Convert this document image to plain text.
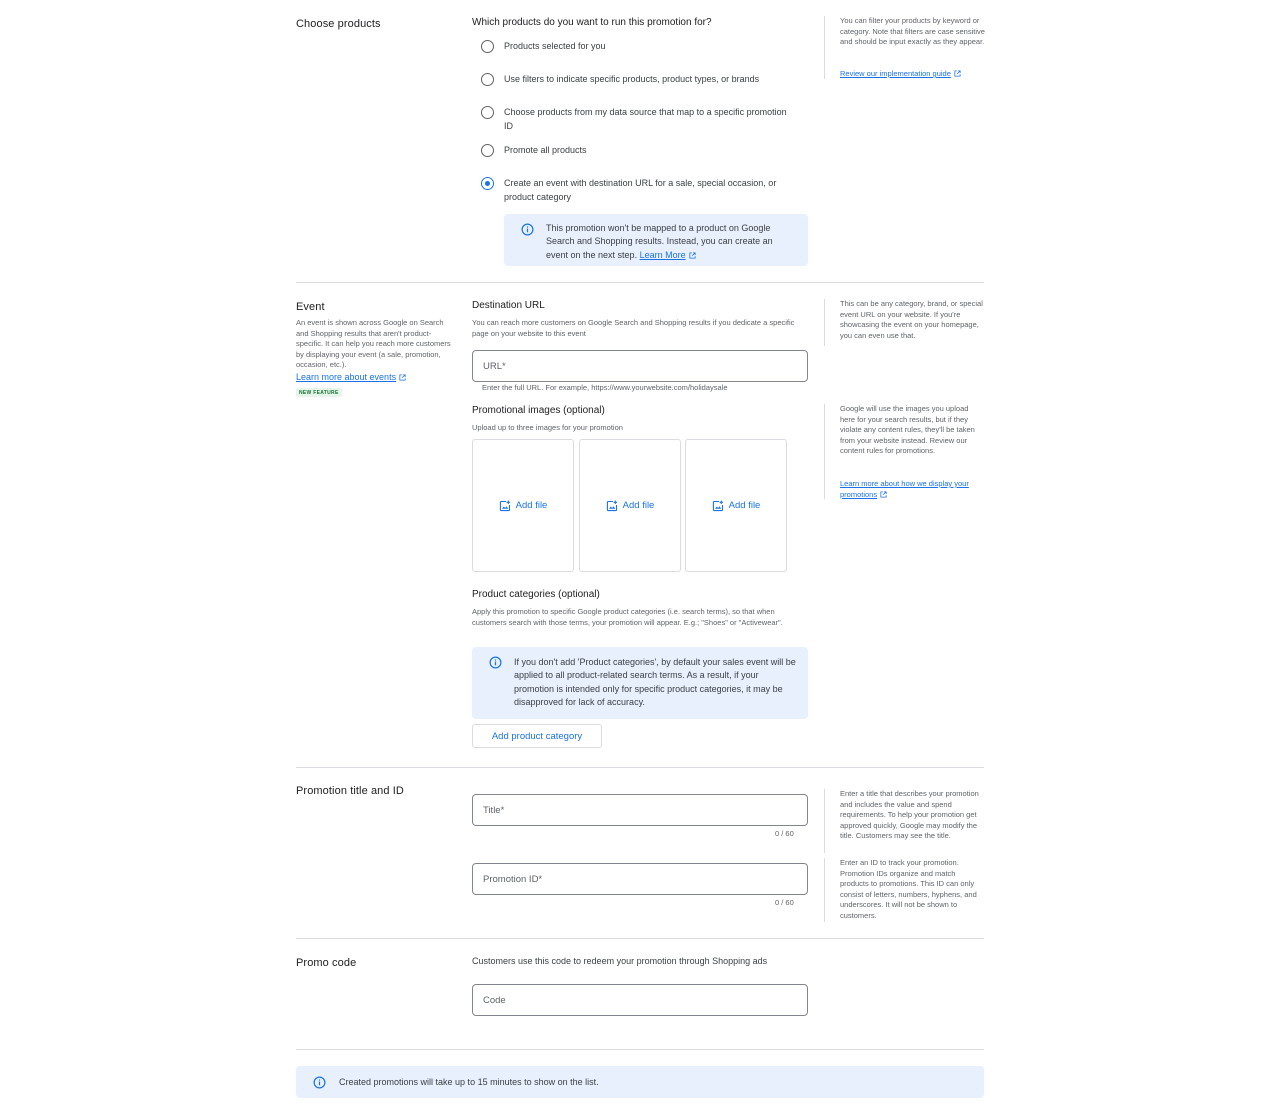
Choose products	Which products do you want to run this promotion for?
Products selected for you
Use filters to indicate specific products, product types, or brands
Choose products from my data source that map to a specific promotion ID
Promote all products
Create an event with destination URL for a sale, special occasion, or product category
This promotion won't be mapped to a product on Google Search and Shopping results. Instead, you can create an event on the next step. Learn More
You can filter your products by keyword or category. Note that filters are case sensitive and should be input exactly as they appear.
Review our implementation guide
Event
An event is shown across Google on Search and Shopping results that aren't product-specific. It can help you reach more customers by displaying your event (a sale, promotion, occasion, etc.).
Learn more about events
NEW FEATURE
Destination URL
You can reach more customers on Google Search and Shopping results if you dedicate a specific page on your website to this event
URL*
Enter the full URL. For example, https://www.yourwebsite.com/holidaysale
This can be any category, brand, or special event URL on your website. If you're showcasing the event on your homepage, you can even use that.
Promotional images (optional)
Upload up to three images for your promotion
Add file	Add file	Add file
Google will use the images you upload here for your search results, but if they violate any content rules, they'll be taken from your website instead. Review our content rules for promotions.
Learn more about how we display your promotions
Product categories (optional)
Apply this promotion to specific Google product categories (i.e. search terms), so that when customers search with those terms, your promotion will appear. E.g.; "Shoes" or "Activewear".
If you don't add 'Product categories', by default your sales event will be applied to all product-related search terms. As a result, if your promotion is intended only for specific product categories, it may be disapproved for lack of accuracy.
Add product category
Promotion title and ID
Title*
0 / 60
Promotion ID*
0 / 60
Enter a title that describes your promotion and includes the value and spend requirements. To help your promotion get approved quickly, Google may modify the title. Customers may see the title.
Enter an ID to track your promotion. Promotion IDs organize and match products to promotions. This ID can only consist of letters, numbers, hyphens, and underscores. It will not be shown to customers.
Promo code	Customers use this code to redeem your promotion through Shopping ads
Code
Created promotions will take up to 15 minutes to show on the list.
